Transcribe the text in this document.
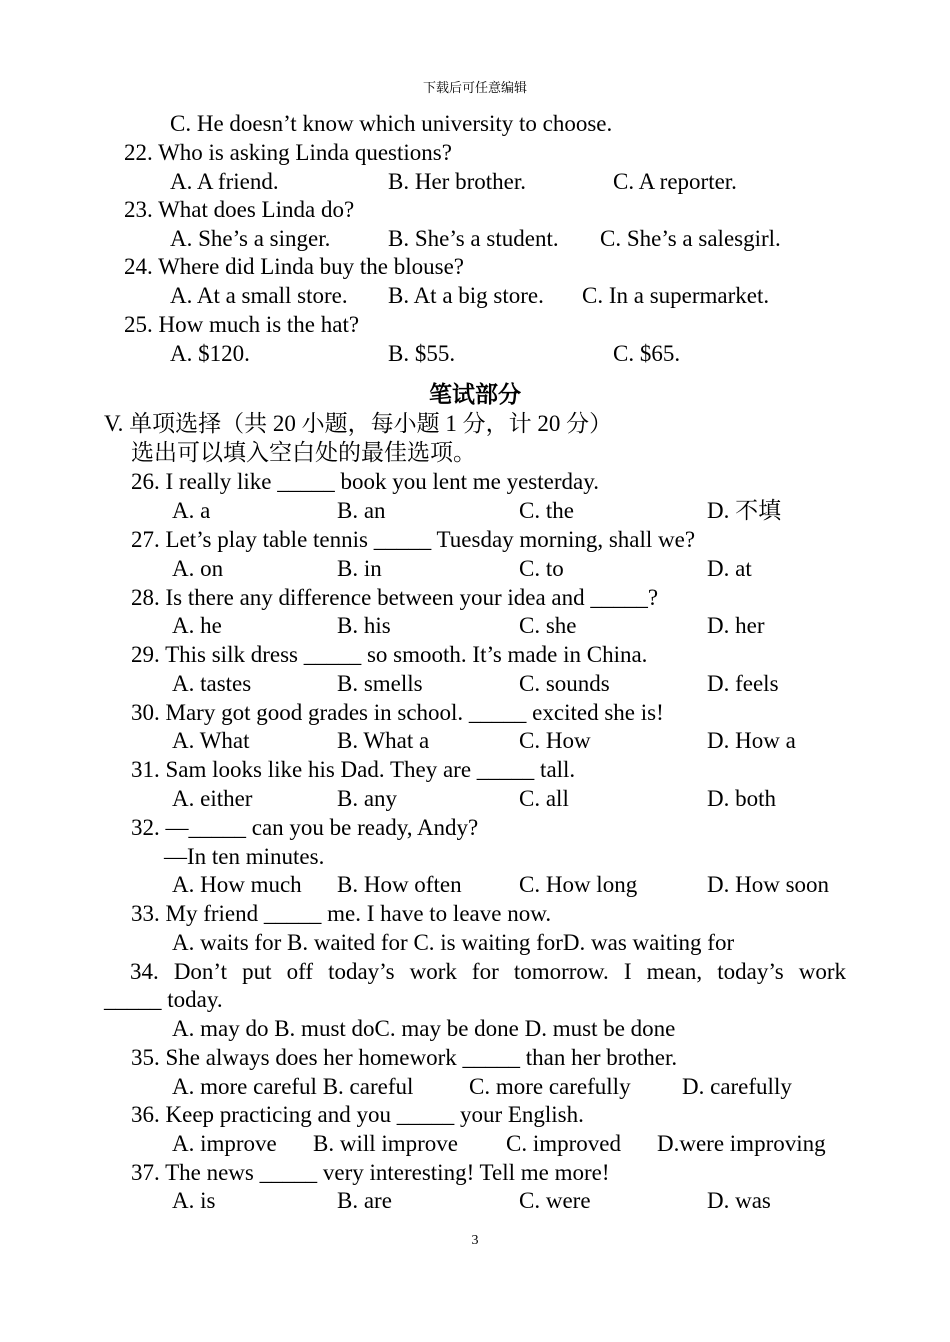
下载后可任意编辑
C. He doesn’t know which university to choose.
22. Who is asking Linda questions?
A. A friend.	B. Her brother.	C. A reporter.
23. What does Linda do?
A. She’s a singer.	B. She’s a student. C. She’s a salesgirl.
24. Where did Linda buy the blouse?
A. At a small store. B. At a big store. C. In a supermarket.
25. How much is the hat?
A. $120.	B. $55.	C. $65.
笔试部分
V. 单项选择（共 20 小题，每小题 1 分，计 20 分）
选出可以填入空白处的最佳选项。
26. I really like _____ book you lent me yesterday.
A. a	B. an	C. the	D. 不填
27. Let’s play table tennis _____ Tuesday morning, shall we?
A. on	B. in	C. to	D. at
28. Is there any difference between your idea and _____?
A. he	B. his	C. she	D. her
29. This silk dress _____ so smooth. It’s made in China.
A. tastes	B. smells	C. sounds	D. feels
30. Mary got good grades in school. _____ excited she is!
A. What	B. What a	C. How	D. How a
31. Sam looks like his Dad. They are _____ tall.
A. either	B. any	C. all	D. both
32. —_____ can you be ready, Andy?
—In ten minutes.
A. How much B. How often C. How long	D. How soon
33. My friend _____ me. I have to leave now.
A. waits for B. waited for C. is waiting forD. was waiting for
34. Don’t put off today’s work for tomorrow. I mean, today’s work
_____ today.
A. may do B. must doC. may be done D. must be done
35. She always does her homework _____ than her brother.
A. more careful B. careful C. more carefully D. carefully
36. Keep practicing and you _____ your English.
A. improve B. will improve C. improved D.were improving
37. The news _____ very interesting! Tell me more!
A. is	B. are	C. were	D. was
3
